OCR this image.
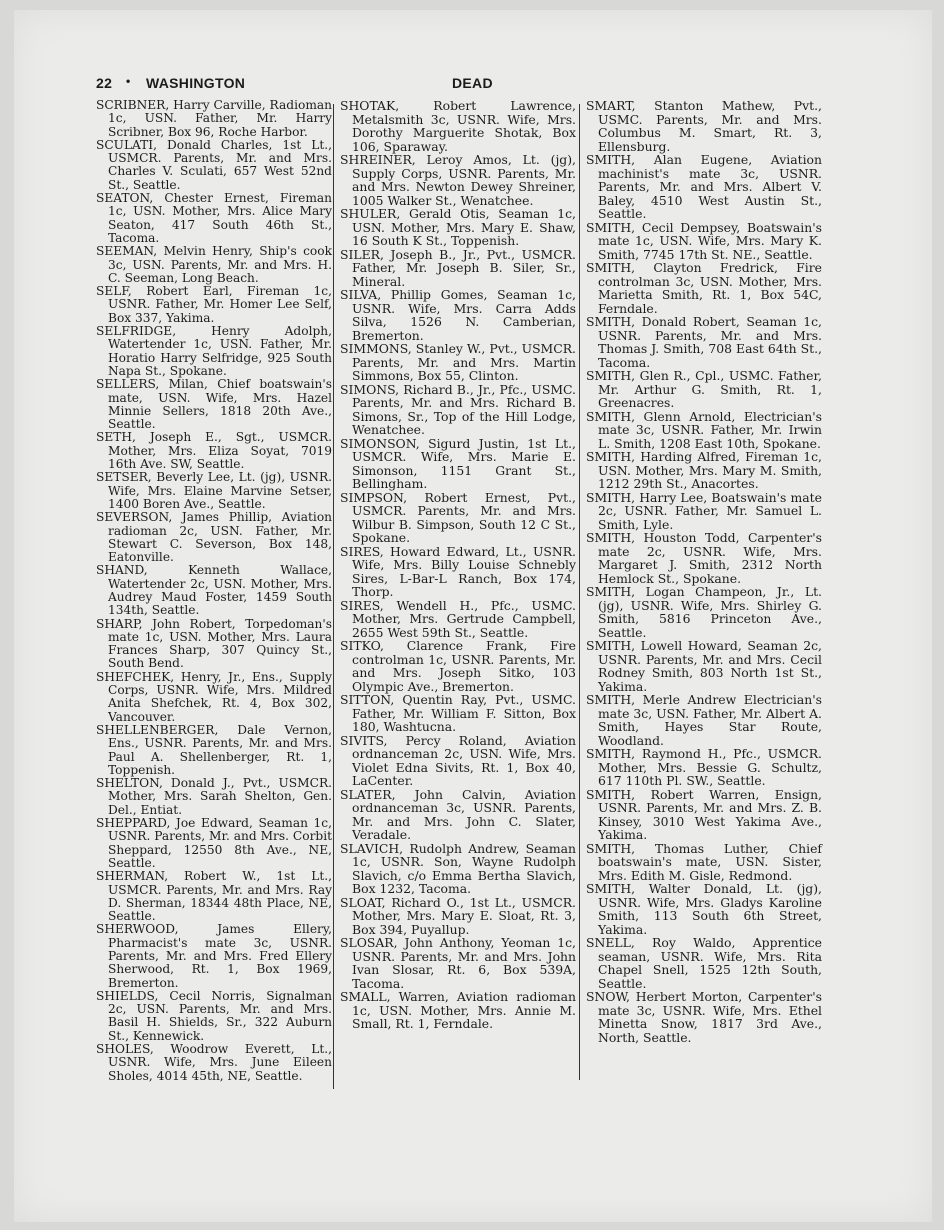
22 • WASHINGTON	DEAD
SCRIBNER, Harry Carville, Radioman 1c, USN. Father, Mr. Harry Scribner, Box 96, Roche Harbor.
SCULATI, Donald Charles, 1st Lt., USMCR. Parents, Mr. and Mrs. Charles V. Sculati, 657 West 52nd St., Seattle.
SEATON, Chester Ernest, Fireman 1c, USN. Mother, Mrs. Alice Mary Seaton, 417 South 46th St., Tacoma.
SEEMAN, Melvin Henry, Ship's cook 3c, USN. Parents, Mr. and Mrs. H. C. Seeman, Long Beach.
SELF, Robert Earl, Fireman 1c, USNR. Father, Mr. Homer Lee Self, Box 337, Yakima.
SELFRIDGE, Henry Adolph, Watertender 1c, USN. Father, Mr. Horatio Harry Selfridge, 925 South Napa St., Spokane.
SELLERS, Milan, Chief boatswain's mate, USN. Wife, Mrs. Hazel Minnie Sellers, 1818 20th Ave., Seattle.
SETH, Joseph E., Sgt., USMCR. Mother, Mrs. Eliza Soyat, 7019 16th Ave. SW, Seattle.
SETSER, Beverly Lee, Lt. (jg), USNR. Wife, Mrs. Elaine Marvine Setser, 1400 Boren Ave., Seattle.
SEVERSON, James Phillip, Aviation radioman 2c, USN. Father, Mr. Stewart C. Severson, Box 148, Eatonville.
SHAND, Kenneth Wallace, Watertender 2c, USN. Mother, Mrs. Audrey Maud Foster, 1459 South 134th, Seattle.
SHARP, John Robert, Torpedoman's mate 1c, USN. Mother, Mrs. Laura Frances Sharp, 307 Quincy St., South Bend.
SHEFCHEK, Henry, Jr., Ens., Supply Corps, USNR. Wife, Mrs. Mildred Anita Shefchek, Rt. 4, Box 302, Vancouver.
SHELLENBERGER, Dale Vernon, Ens., USNR. Parents, Mr. and Mrs. Paul A. Shellenberger, Rt. 1, Toppenish.
SHELTON, Donald J., Pvt., USMCR. Mother, Mrs. Sarah Shelton, Gen. Del., Entiat.
SHEPPARD, Joe Edward, Seaman 1c, USNR. Parents, Mr. and Mrs. Corbit Sheppard, 12550 8th Ave., NE, Seattle.
SHERMAN, Robert W., 1st Lt., USMCR. Parents, Mr. and Mrs. Ray D. Sherman, 18344 48th Place, NE, Seattle.
SHERWOOD, James Ellery, Pharmacist's mate 3c, USNR. Parents, Mr. and Mrs. Fred Ellery Sherwood, Rt. 1, Box 1969, Bremerton.
SHIELDS, Cecil Norris, Signalman 2c, USN. Parents, Mr. and Mrs. Basil H. Shields, Sr., 322 Auburn St., Kennewick.
SHOLES, Woodrow Everett, Lt., USNR. Wife, Mrs. June Eileen Sholes, 4014 45th, NE, Seattle.
SHOTAK, Robert Lawrence, Metalsmith 3c, USNR. Wife, Mrs. Dorothy Marguerite Shotak, Box 106, Sparaway.
SHREINER, Leroy Amos, Lt. (jg), Supply Corps, USNR. Parents, Mr. and Mrs. Newton Dewey Shreiner, 1005 Walker St., Wenatchee.
SHULER, Gerald Otis, Seaman 1c, USN. Mother, Mrs. Mary E. Shaw, 16 South K St., Toppenish.
SILER, Joseph B., Jr., Pvt., USMCR. Father, Mr. Joseph B. Siler, Sr., Mineral.
SILVA, Phillip Gomes, Seaman 1c, USNR. Wife, Mrs. Carra Adds Silva, 1526 N. Camberian, Bremerton.
SIMMONS, Stanley W., Pvt., USMCR. Parents, Mr. and Mrs. Martin Simmons, Box 55, Clinton.
SIMONS, Richard B., Jr., Pfc., USMC. Parents, Mr. and Mrs. Richard B. Simons, Sr., Top of the Hill Lodge, Wenatchee.
SIMONSON, Sigurd Justin, 1st Lt., USMCR. Wife, Mrs. Marie E. Simonson, 1151 Grant St., Bellingham.
SIMPSON, Robert Ernest, Pvt., USMCR. Parents, Mr. and Mrs. Wilbur B. Simpson, South 12 C St., Spokane.
SIRES, Howard Edward, Lt., USNR. Wife, Mrs. Billy Louise Schnebly Sires, L-Bar-L Ranch, Box 174, Thorp.
SIRES, Wendell H., Pfc., USMC. Mother, Mrs. Gertrude Campbell, 2655 West 59th St., Seattle.
SITKO, Clarence Frank, Fire controlman 1c, USNR. Parents, Mr. and Mrs. Joseph Sitko, 103 Olympic Ave., Bremerton.
SITTON, Quentin Ray, Pvt., USMC. Father, Mr. William F. Sitton, Box 180, Washtucna.
SIVITS, Percy Roland, Aviation ordnanceman 2c, USN. Wife, Mrs. Violet Edna Sivits, Rt. 1, Box 40, LaCenter.
SLATER, John Calvin, Aviation ordnanceman 3c, USNR. Parents, Mr. and Mrs. John C. Slater, Veradale.
SLAVICH, Rudolph Andrew, Seaman 1c, USNR. Son, Wayne Rudolph Slavich, c/o Emma Bertha Slavich, Box 1232, Tacoma.
SLOAT, Richard O., 1st Lt., USMCR. Mother, Mrs. Mary E. Sloat, Rt. 3, Box 394, Puyallup.
SLOSAR, John Anthony, Yeoman 1c, USNR. Parents, Mr. and Mrs. John Ivan Slosar, Rt. 6, Box 539A, Tacoma.
SMALL, Warren, Aviation radioman 1c, USN. Mother, Mrs. Annie M. Small, Rt. 1, Ferndale.
SMART, Stanton Mathew, Pvt., USMC. Parents, Mr. and Mrs. Columbus M. Smart, Rt. 3, Ellensburg.
SMITH, Alan Eugene, Aviation machinist's mate 3c, USNR. Parents, Mr. and Mrs. Albert V. Baley, 4510 West Austin St., Seattle.
SMITH, Cecil Dempsey, Boatswain's mate 1c, USN. Wife, Mrs. Mary K. Smith, 7745 17th St. NE., Seattle.
SMITH, Clayton Fredrick, Fire controlman 3c, USN. Mother, Mrs. Marietta Smith, Rt. 1, Box 54C, Ferndale.
SMITH, Donald Robert, Seaman 1c, USNR. Parents, Mr. and Mrs. Thomas J. Smith, 708 East 64th St., Tacoma.
SMITH, Glen R., Cpl., USMC. Father, Mr. Arthur G. Smith, Rt. 1, Greenacres.
SMITH, Glenn Arnold, Electrician's mate 3c, USNR. Father, Mr. Irwin L. Smith, 1208 East 10th, Spokane.
SMITH, Harding Alfred, Fireman 1c, USN. Mother, Mrs. Mary M. Smith, 1212 29th St., Anacortes.
SMITH, Harry Lee, Boatswain's mate 2c, USNR. Father, Mr. Samuel L. Smith, Lyle.
SMITH, Houston Todd, Carpenter's mate 2c, USNR. Wife, Mrs. Margaret J. Smith, 2312 North Hemlock St., Spokane.
SMITH, Logan Champeon, Jr., Lt. (jg), USNR. Wife, Mrs. Shirley G. Smith, 5816 Princeton Ave., Seattle.
SMITH, Lowell Howard, Seaman 2c, USNR. Parents, Mr. and Mrs. Cecil Rodney Smith, 803 North 1st St., Yakima.
SMITH, Merle Andrew Electrician's mate 3c, USN. Father, Mr. Albert A. Smith, Hayes Star Route, Woodland.
SMITH, Raymond H., Pfc., USMCR. Mother, Mrs. Bessie G. Schultz, 617 110th Pl. SW., Seattle.
SMITH, Robert Warren, Ensign, USNR. Parents, Mr. and Mrs. Z. B. Kinsey, 3010 West Yakima Ave., Yakima.
SMITH, Thomas Luther, Chief boatswain's mate, USN. Sister, Mrs. Edith M. Gisle, Redmond.
SMITH, Walter Donald, Lt. (jg), USNR. Wife, Mrs. Gladys Karoline Smith, 113 South 6th Street, Yakima.
SNELL, Roy Waldo, Apprentice seaman, USNR. Wife, Mrs. Rita Chapel Snell, 1525 12th South, Seattle.
SNOW, Herbert Morton, Carpenter's mate 3c, USNR. Wife, Mrs. Ethel Minetta Snow, 1817 3rd Ave., North, Seattle.
